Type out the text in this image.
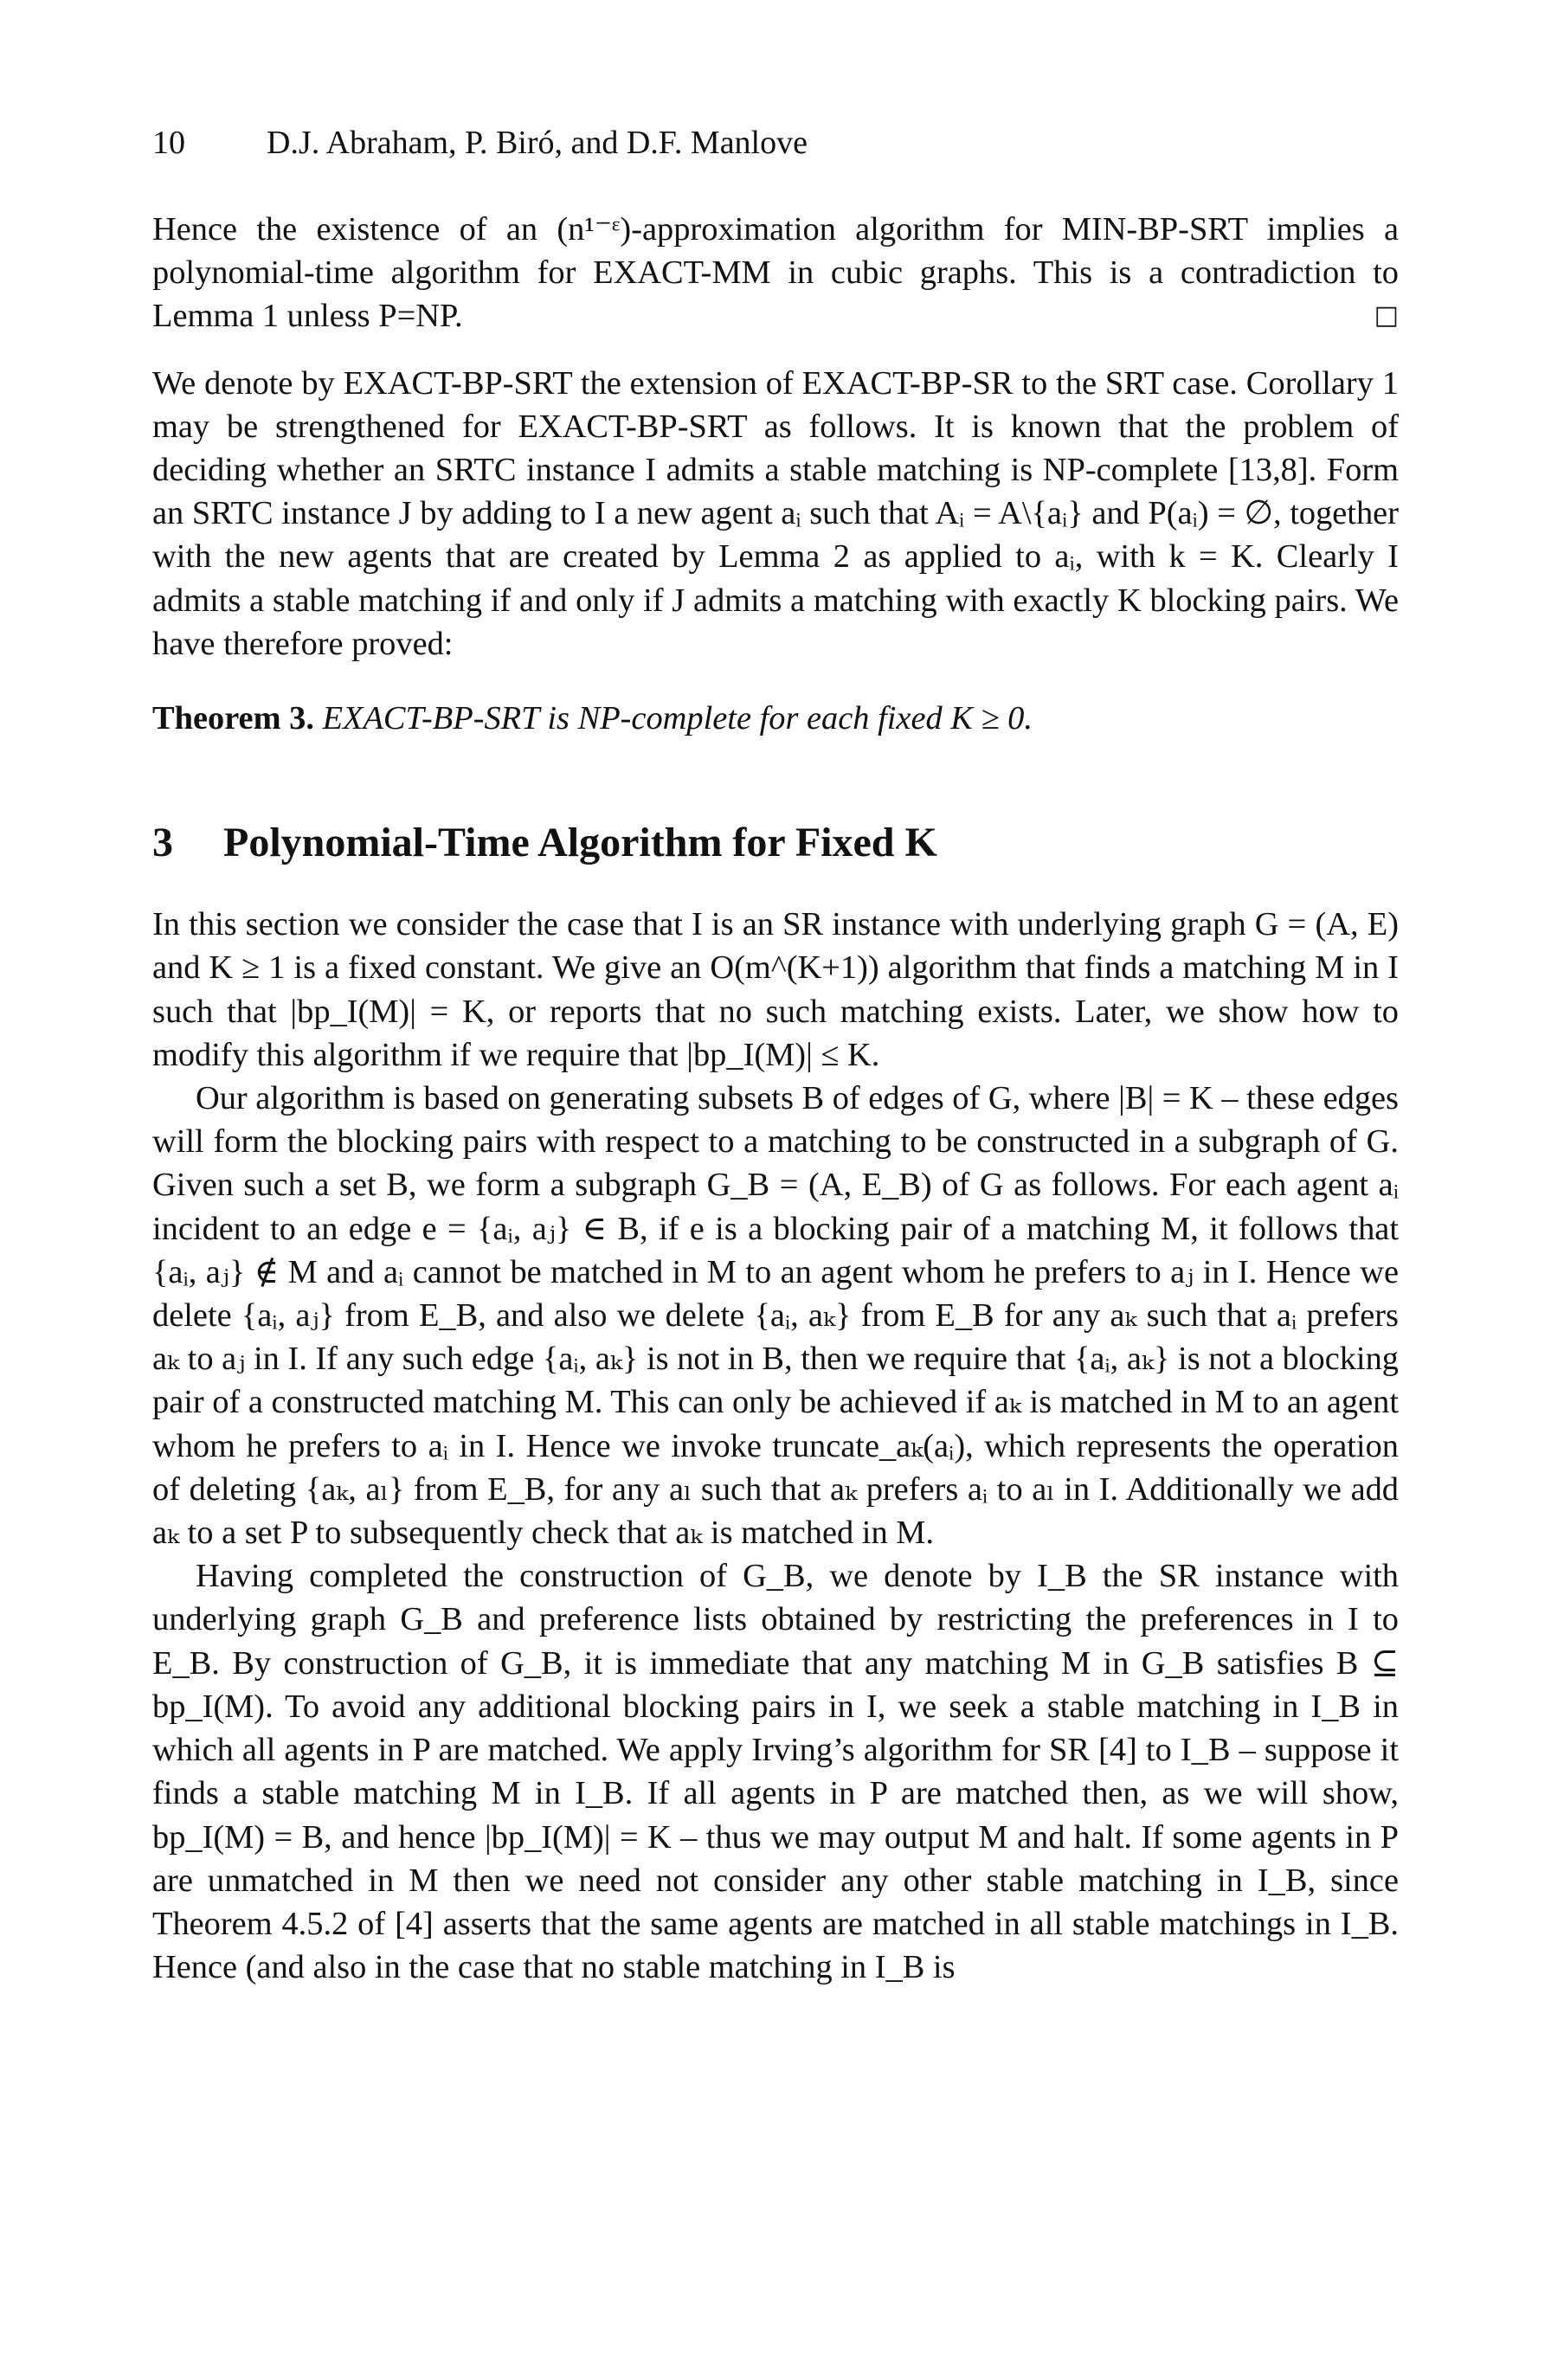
10 D.J. Abraham, P. Biró, and D.F. Manlove

Hence the existence of an (n¹⁻ᵋ)-approximation algorithm for MIN-BP-SRT implies a polynomial-time algorithm for EXACT-MM in cubic graphs. This is a contradiction to Lemma 1 unless P=NP.	□

We denote by EXACT-BP-SRT the extension of EXACT-BP-SR to the SRT case. Corollary 1 may be strengthened for EXACT-BP-SRT as follows. It is known that the problem of deciding whether an SRTC instance I admits a stable matching is NP-complete [13,8]. Form an SRTC instance J by adding to I a new agent aᵢ such that Aᵢ = A\{aᵢ} and P(aᵢ) = ∅, together with the new agents that are created by Lemma 2 as applied to aᵢ, with k = K. Clearly I admits a stable matching if and only if J admits a matching with exactly K blocking pairs. We have therefore proved:

Theorem 3. EXACT-BP-SRT is NP-complete for each fixed K ≥ 0.

3 Polynomial-Time Algorithm for Fixed K

In this section we consider the case that I is an SR instance with underlying graph G = (A, E) and K ≥ 1 is a fixed constant. We give an O(m^(K+1)) algorithm that finds a matching M in I such that |bp_I(M)| = K, or reports that no such matching exists. Later, we show how to modify this algorithm if we require that |bp_I(M)| ≤ K.

Our algorithm is based on generating subsets B of edges of G, where |B| = K – these edges will form the blocking pairs with respect to a matching to be constructed in a subgraph of G. Given such a set B, we form a subgraph G_B = (A, E_B) of G as follows. For each agent aᵢ incident to an edge e = {aᵢ, aⱼ} ∈ B, if e is a blocking pair of a matching M, it follows that {aᵢ, aⱼ} ∉ M and aᵢ cannot be matched in M to an agent whom he prefers to aⱼ in I. Hence we delete {aᵢ, aⱼ} from E_B, and also we delete {aᵢ, aₖ} from E_B for any aₖ such that aᵢ prefers aₖ to aⱼ in I. If any such edge {aᵢ, aₖ} is not in B, then we require that {aᵢ, aₖ} is not a blocking pair of a constructed matching M. This can only be achieved if aₖ is matched in M to an agent whom he prefers to aᵢ in I. Hence we invoke truncate_aₖ(aᵢ), which represents the operation of deleting {aₖ, aₗ} from E_B, for any aₗ such that aₖ prefers aᵢ to aₗ in I. Additionally we add aₖ to a set P to subsequently check that aₖ is matched in M.

Having completed the construction of G_B, we denote by I_B the SR instance with underlying graph G_B and preference lists obtained by restricting the preferences in I to E_B. By construction of G_B, it is immediate that any matching M in G_B satisfies B ⊆ bp_I(M). To avoid any additional blocking pairs in I, we seek a stable matching in I_B in which all agents in P are matched. We apply Irving’s algorithm for SR [4] to I_B – suppose it finds a stable matching M in I_B. If all agents in P are matched then, as we will show, bp_I(M) = B, and hence |bp_I(M)| = K – thus we may output M and halt. If some agents in P are unmatched in M then we need not consider any other stable matching in I_B, since Theorem 4.5.2 of [4] asserts that the same agents are matched in all stable matchings in I_B. Hence (and also in the case that no stable matching in I_B is
